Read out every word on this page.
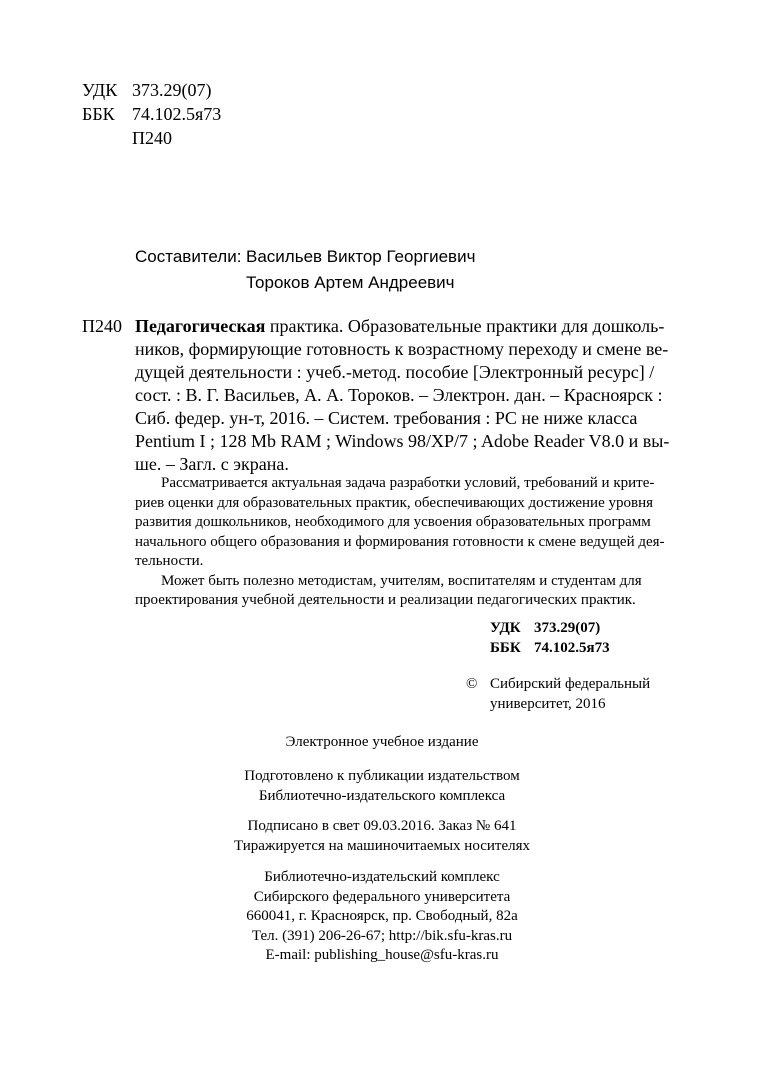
УДК 373.29(07)
ББК 74.102.5я73
П240
Составители: Васильев Виктор Георгиевич
Тороков Артем Андреевич
П240 Педагогическая практика. Образовательные практики для дошколь-
ников, формирующие готовность к возрастному переходу и смене ве-
дущей деятельности : учеб.-метод. пособие [Электронный ресурс] /
сост. : В. Г. Васильев, А. А. Тороков. – Электрон. дан. – Красноярск :
Сиб. федер. ун-т, 2016. – Систем. требования : PC не ниже класса
Pentium I ; 128 Mb RAM ; Windows 98/XP/7 ; Adobe Reader V8.0 и вы-
ше. – Загл. с экрана.
Рассматривается актуальная задача разработки условий, требований и крите-
риев оценки для образовательных практик, обеспечивающих достижение уровня
развития дошкольников, необходимого для усвоения образовательных программ
начального общего образования и формирования готовности к смене ведущей дея-
тельности.
Может быть полезно методистам, учителям, воспитателям и студентам для
проектирования учебной деятельности и реализации педагогических практик.
УДК 373.29(07)
ББК 74.102.5я73
© Сибирский федеральный
университет, 2016
Электронное учебное издание
Подготовлено к публикации издательством
Библиотечно-издательского комплекса
Подписано в свет 09.03.2016. Заказ № 641
Тиражируется на машиночитаемых носителях
Библиотечно-издательский комплекс
Сибирского федерального университета
660041, г. Красноярск, пр. Свободный, 82а
Тел. (391) 206-26-67; http://bik.sfu-kras.ru
E-mail: publishing_house@sfu-kras.ru
